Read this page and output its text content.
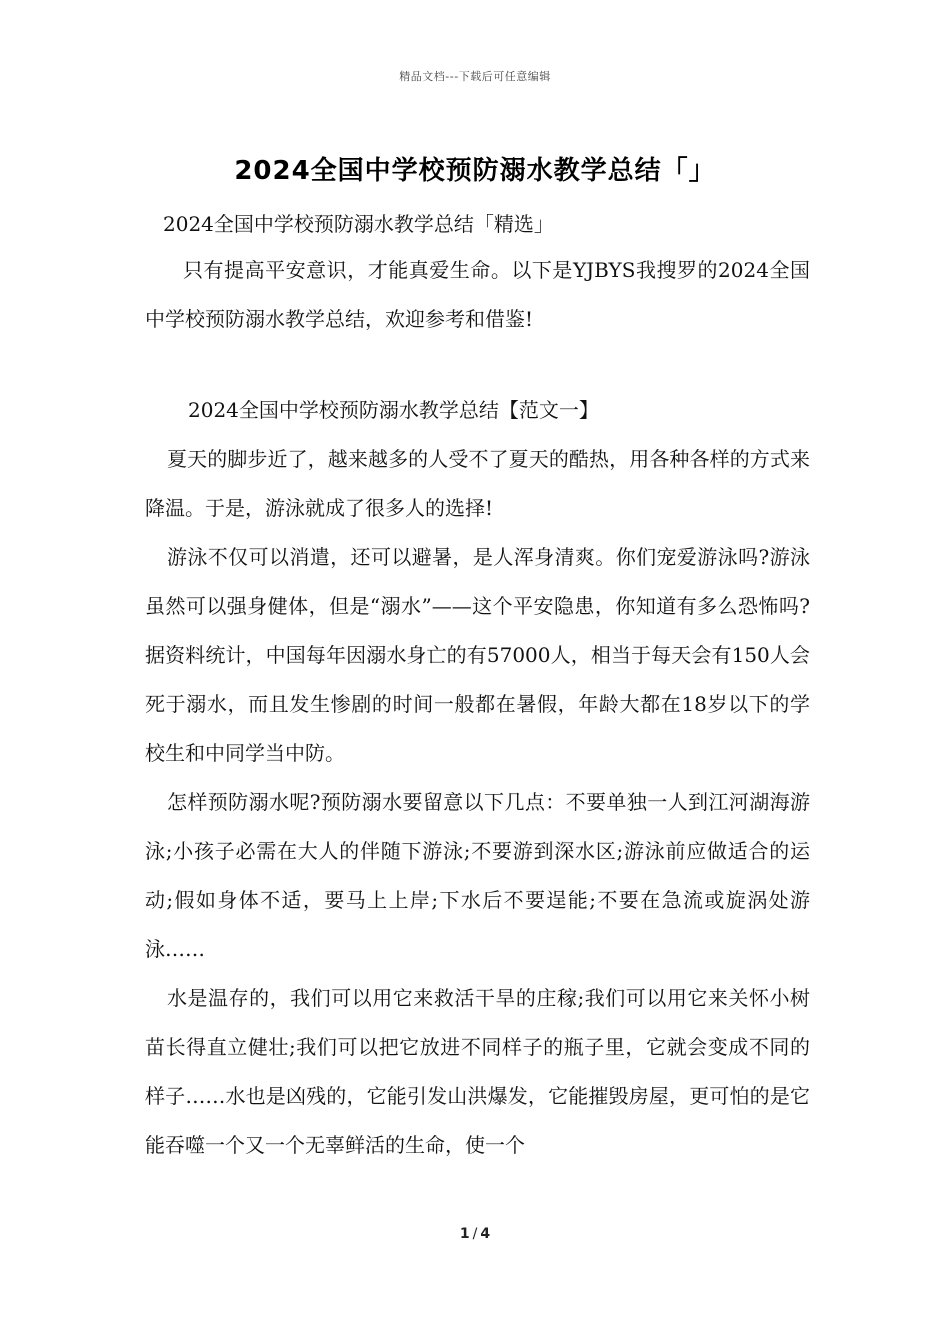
精品文档---下载后可任意编辑
2024全国中学校预防溺水教学总结「」
2024全国中学校预防溺水教学总结「精选」

只有提高平安意识，才能真爱生命。以下是YJBYS我搜罗的2024全国中学校预防溺水教学总结，欢迎参考和借鉴!

2024全国中学校预防溺水教学总结【范文一】

夏天的脚步近了，越来越多的人受不了夏天的酷热，用各种各样的方式来降温。于是，游泳就成了很多人的选择!

游泳不仅可以消遣，还可以避暑，是人浑身清爽。你们宠爱游泳吗?游泳虽然可以强身健体，但是“溺水”——这个平安隐患，你知道有多么恐怖吗?据资料统计，中国每年因溺水身亡的有57000人，相当于每天会有150人会死于溺水，而且发生惨剧的时间一般都在暑假，年龄大都在18岁以下的学校生和中同学当中防。

怎样预防溺水呢?预防溺水要留意以下几点：不要单独一人到江河湖海游泳;小孩子必需在大人的伴随下游泳;不要游到深水区;游泳前应做适合的运动;假如身体不适，要马上上岸;下水后不要逞能;不要在急流或旋涡处游泳……

水是温存的，我们可以用它来救活干旱的庄稼;我们可以用它来关怀小树苗长得直立健壮;我们可以把它放进不同样子的瓶子里，它就会变成不同的样子……水也是凶残的，它能引发山洪爆发，它能摧毁房屋，更可怕的是它能吞噬一个又一个无辜鲜活的生命，使一个

1 / 4
